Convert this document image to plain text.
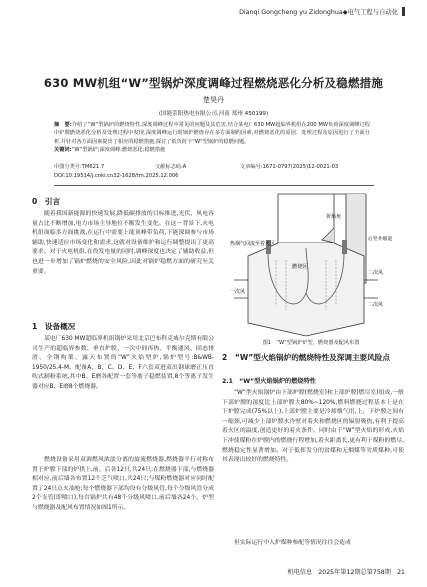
Dianqi Gongcheng yu Zidonghua◆电气工程与自动化
630 MW机组“W”型锅炉深度调峰过程燃烧恶化分析及稳燃措施
楚昊丹
(国能荥阳热电有限公司,河南 郑州 450199)
摘　要:介绍了“W”型锅炉的燃烧特性,深度调峰过程中常见的问题及其危害,结合某电厂630 MW超临界机组在200 MW负荷深度调峰过程中炉膛燃烧恶化分析及处理过程中发现,深度调峰运行时锅炉燃烧存在多方面制约因素,对燃烧恶化的原因、处理过程及原因进行了全面分析,并针对各方面因素提出了相应的稳燃措施,探讨了低负荷下“W”型锅炉的稳燃问题。
关键词:“W”型锅炉;深度调峰;燃烧恶化;稳燃措施
中图分类号:TM621.7	文献标志码:A	文章编号:1671-0797(2025)12-0021-03
DOI:10.19514/j.cnki.cn32-1628/tm.2025.12.006
0　引言
随着我国新能源的快速发展,降低碳排放的目标推进,光伏、风电容量占比不断增加,电力市场主导地位不断发生变化。在这一背景下,火电机组面临多方面挑战,在运行中需要上能顶峰带负荷,下能深调参与市场辅助,快速适应市场变化和需求,这就对设备维护和运行调整提出了更高要求。对于火电机组,在役发电量的同时,调峰深度也决定了辅助收益,但也进一步增加了锅炉燃烧的安全风险,因此对锅炉稳燃方面的研究至关重要。
1　设备概况
某电厂630 MW超临界机组锅炉采用北京巴布科克威尔克斯有限公司生产的超临界参数、垂直炉膛、一次中间再热、平衡通风、固态排渣、全钢构架、露天布置的“W”火焰型炉,锅炉型号:B&WB-1950/25.4-M。配备A、B、C、D、E、F六套双进双出钢球磨正压直吹式制粉系统,其中B、E磨各配置一套等离子稳燃装置,8个等离子发生器对应B、E磨8个燃烧器。
燃烧设备采用双调燃风浓淡分离的旋流燃烧器,燃烧器平行对称布置于炉膛下部的炉拱上,前、后各12只,共24只;在燃烧器下部,与燃烧器相对应,前后墙各布置12个乏气喷口,共24只;与煤粉燃烧器对应同时配置了24只点火油枪;每个燃烧器下部均设有分级风管,每个分级风管分成2个支管(即喷口),每台锅炉共有48个分级风喷口,前后墙各24个。炉型与燃烧器及配风布置情况如图1所示。
热烟气回流至着火区
燃烧区
折焰角
后竖井烟道
二次风
一次风
二次风
图1　“W”型锅炉炉型、燃烧器及配风布置
2　“W”型火焰锅炉的燃烧特性及深调主要风险点
2.1　“W”型火焰锅炉的燃烧特性
“W”型火焰锅炉由下部炉膛(燃烧室)和上部炉膛(燃尽室)组成,一般下部炉膛的深度比上部炉膛大80%~120%,燃料燃烧过程基本上是在下炉膛完成(75%以上),上部炉膛主要是冷却烟气用,上、下炉膛之间有一缩颈,可减少上部炉膛水冷壁对着火和燃烧区的辐射吸热,有利于提高着火区的温度,创造更好的着火条件。同时由于“W”型火焰的形成,火焰下冲使煤粉在炉膛内的燃烧行程增加,着火距离长,更有利于煤粉的燃尽,燃烧稳定性显著增加。对于低挥发分的贫煤和无烟煤等劣质煤种,可使其表现出较好的燃烧特性。
但实际运行中入炉煤种参配等情况往往会造成
机电信息　2025年第12期总第758期　21
